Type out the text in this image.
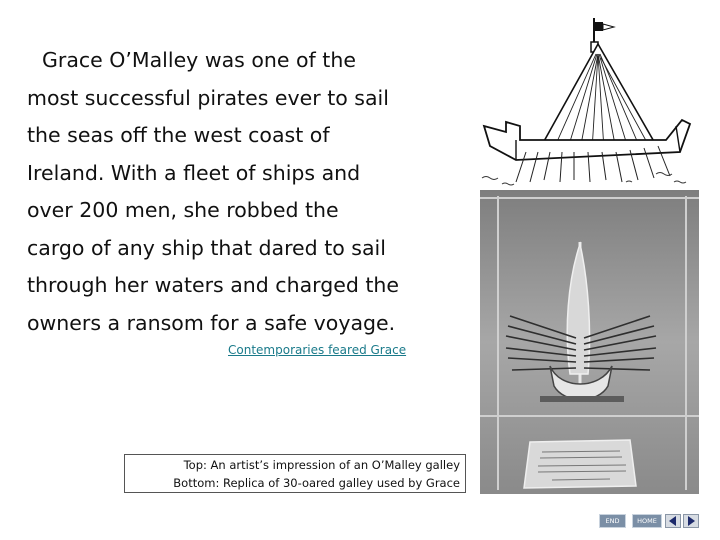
Grace O’Malley was one of the
most successful pirates ever to sail
the seas off the west coast of
Ireland. With a fleet of ships and
over 200 men, she robbed the
cargo of any ship that dared to sail
through her waters and charged the
owners a ransom for a safe voyage.
Contemporaries feared Grace
Top: An artist’s impression of an O’Malley galley
Bottom: Replica of 30-oared galley used by Grace
END	HOME
